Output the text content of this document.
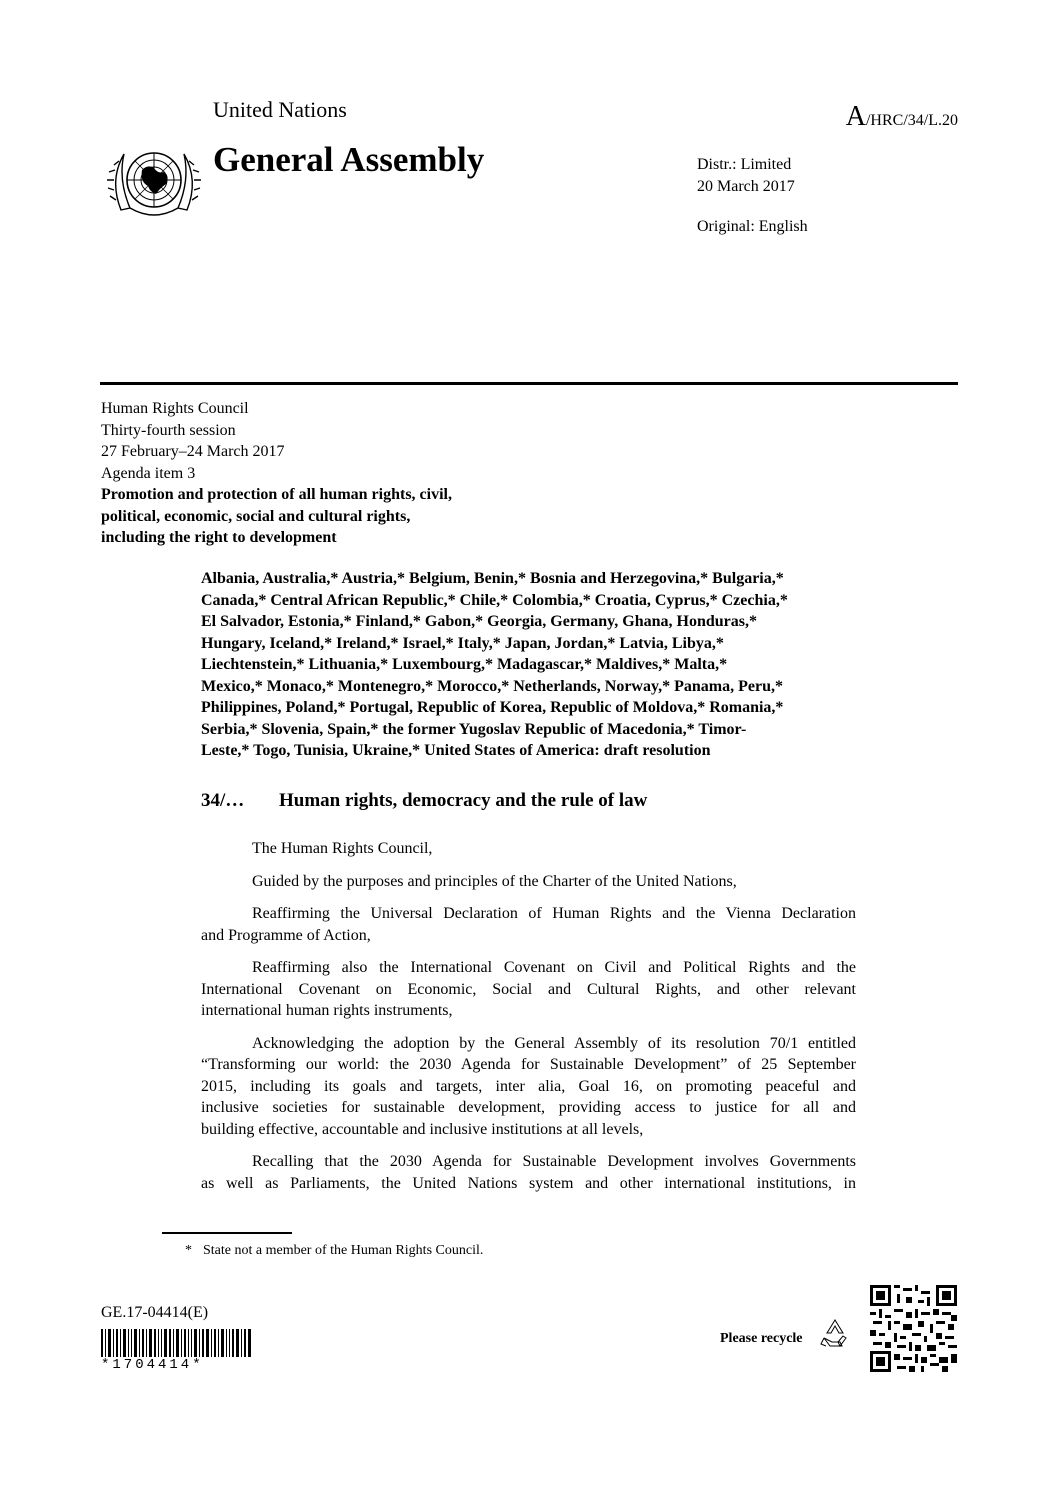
United Nations	A/HRC/34/L.20
General Assembly	Distr.: Limited
20 March 2017
Original: English
Human Rights Council
Thirty-fourth session
27 February–24 March 2017
Agenda item 3
Promotion and protection of all human rights, civil,
political, economic, social and cultural rights,
including the right to development
Albania, Australia,* Austria,* Belgium, Benin,* Bosnia and Herzegovina,* Bulgaria,*
Canada,* Central African Republic,* Chile,* Colombia,* Croatia, Cyprus,* Czechia,*
El Salvador, Estonia,* Finland,* Gabon,* Georgia, Germany, Ghana, Honduras,*
Hungary, Iceland,* Ireland,* Israel,* Italy,* Japan, Jordan,* Latvia, Libya,*
Liechtenstein,* Lithuania,* Luxembourg,* Madagascar,* Maldives,* Malta,*
Mexico,* Monaco,* Montenegro,* Morocco,* Netherlands, Norway,* Panama, Peru,*
Philippines, Poland,* Portugal, Republic of Korea, Republic of Moldova,* Romania,*
Serbia,* Slovenia, Spain,* the former Yugoslav Republic of Macedonia,* Timor-
Leste,* Togo, Tunisia, Ukraine,* United States of America: draft resolution
34/… Human rights, democracy and the rule of law
The Human Rights Council,
Guided by the purposes and principles of the Charter of the United Nations,
Reaffirming the Universal Declaration of Human Rights and the Vienna Declaration
and Programme of Action,
Reaffirming also the International Covenant on Civil and Political Rights and the
International Covenant on Economic, Social and Cultural Rights, and other relevant
international human rights instruments,
Acknowledging the adoption by the General Assembly of its resolution 70/1 entitled
“Transforming our world: the 2030 Agenda for Sustainable Development” of 25 September
2015, including its goals and targets, inter alia, Goal 16, on promoting peaceful and
inclusive societies for sustainable development, providing access to justice for all and
building effective, accountable and inclusive institutions at all levels,
Recalling that the 2030 Agenda for Sustainable Development involves Governments
as well as Parliaments, the United Nations system and other international institutions, in
* State not a member of the Human Rights Council.
GE.17-04414(E)
*1704414*
Please recycle
